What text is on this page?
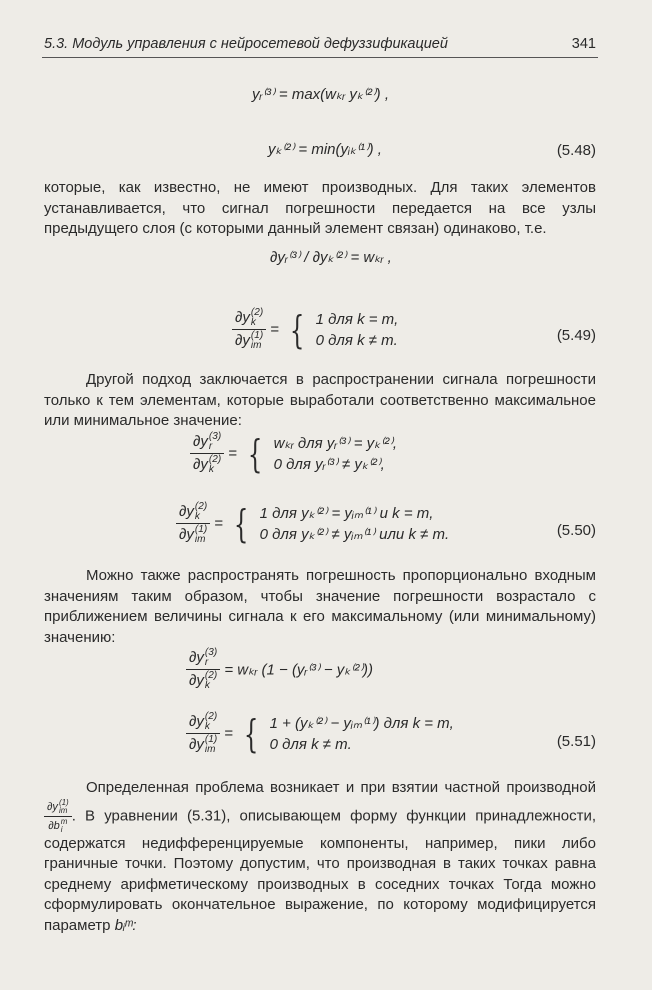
5.3. Модуль управления с нейросетевой дефуззификацией	341
yᵣ⁽³⁾ = max(wₖᵣ yₖ⁽²⁾) ,
yₖ⁽²⁾ = min(yᵢₖ⁽¹⁾) ,	(5.48)
которые, как известно, не имеют производных. Для таких элементов устанавливается, что сигнал погрешности передается на все узлы предыдущего слоя (с которыми данный элемент связан) одинаково, т.е.
∂yᵣ⁽³⁾ / ∂yₖ⁽²⁾ = wₖᵣ ,
∂y (2)
k
∂y (1)
im = { 1 для k = m,
0 для k ≠ m.	(5.49)
Другой подход заключается в распространении сигнала погрешности только к тем элементам, которые выработали соответственно максимальное или минимальное значение:
∂y (3)
r
∂y (2)
k = { wₖᵣ для yᵣ⁽³⁾ = yₖ⁽²⁾,
0 для yᵣ⁽³⁾ ≠ yₖ⁽²⁾,
∂y (2)
k
∂y (1)
im = { 1 для yₖ⁽²⁾ = yᵢₘ⁽¹⁾ и k = m,
0 для yₖ⁽²⁾ ≠ yᵢₘ⁽¹⁾ или k ≠ m.	(5.50)
Можно также распространять погрешность пропорционально входным значениям таким образом, чтобы значение погрешности возрастало с приближением величины сигнала к его максимальному (или минимальному) значению:
∂y (3)
r
∂y (2)
k = wₖᵣ (1 − (yᵣ⁽³⁾ − yₖ⁽²⁾))
∂y (2)
k
∂y (1)
im = { 1 + (yₖ⁽²⁾ − yᵢₘ⁽¹⁾) для k = m,
0 для k ≠ m.	(5.51)
Определенная проблема возникает и при взятии частной производной
∂y (1)
im
∂b m
i . В уравнении (5.31), описывающем форму функции принадлежности, содержатся недифференцируемые компоненты, например, пики либо граничные точки. Поэтому допустим, что производная в таких точках равна среднему арифметическому производных в соседних точках Тогда можно сформулировать окончательное выражение, по которому модифицируется параметр bᵢᵐ:
